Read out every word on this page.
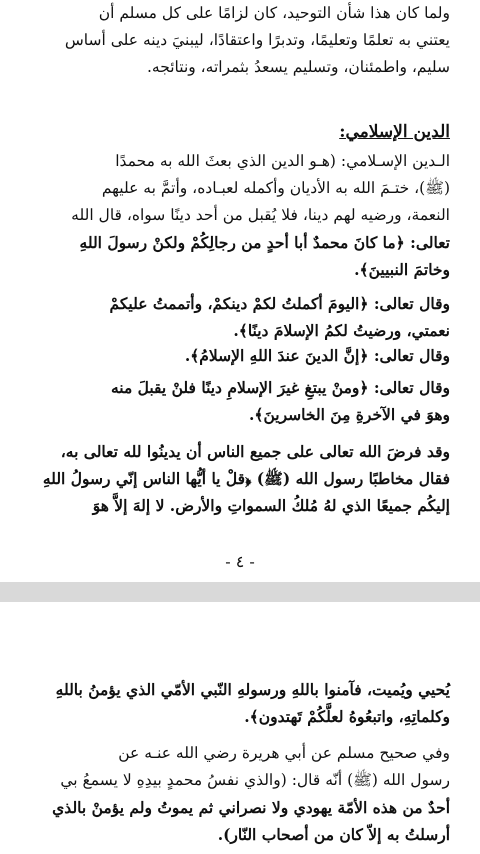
ولما كان هذا شأن التوحيد، كان لزامًا على كل مسلم أن
يعتني به تعلمًا وتعليمًا، وتدبرًا واعتقادًا، ليبنيَ دينه على أساس
سليم، واطمئنان، وتسليم يسعدُ بثمراته، ونتائجه.

الدين الإسلامي:

الـدين الإسـلامي: (هـو الدين الذي بعثَ الله به محمدًا
(ﷺ)، ختـمَ الله به الأديان وأكمله لعبـاده، وأتمَّ به عليهم
النعمة، ورضيه لهم دينا، فلا يُقبل من أحد دينًا سواه، قال الله
تعالى: ﴿ما كانَ محمدٌ أبا أحدٍ من رجالِكُمْ ولكنْ رسولَ اللهِ
وخاتمَ النبيينَ﴾.

وقال تعالى: ﴿اليومَ أكملتُ لكمْ دينكمْ، وأتممتُ عليكمْ
نعمتي، ورضيتُ لكمُ الإسلامَ دينًا﴾.

وقال تعالى: ﴿إنَّ الدينَ عندَ اللهِ الإسلامُ﴾.

وقال تعالى: ﴿ومنْ يبتغِ غيرَ الإسلامِ دينًا فلنْ يقبلَ منه
وهوَ في الآخرةِ مِنَ الخاسرينَ﴾.

وقد فرضَ الله تعالى على جميع الناس أن يدينُوا لله تعالى به،
فقال مخاطبًا رسول الله (ﷺ) ﴿قلْ يا أيُّها الناس إنّي رسولُ اللهِ
إليكُم جميعًا الذي لهُ مُلكُ السمواتِ والأرض. لا إلهَ إلاَّ هوَ

- ٤ -

يُحيي ويُميت، فآمنوا باللهِ ورسولهِ النّبي الأمّي الذي يؤمنُ باللهِ
وكلماتِهِ، واتبعُوهُ لعلَّكُمْ تَهتدون﴾.

وفي صحيح مسلم عن أبي هريرة رضي الله عنـه عن
رسول الله (ﷺ) أنّه قال: (والذي نفسُ محمدٍ بيدِهِ لا يسمعُ بي
أحدٌ من هذه الأمّة يهودي ولا نصراني ثم يموتُ ولم يؤمنْ بالذي
أرسلتُ به إلاّ كان من أصحاب النّار).
